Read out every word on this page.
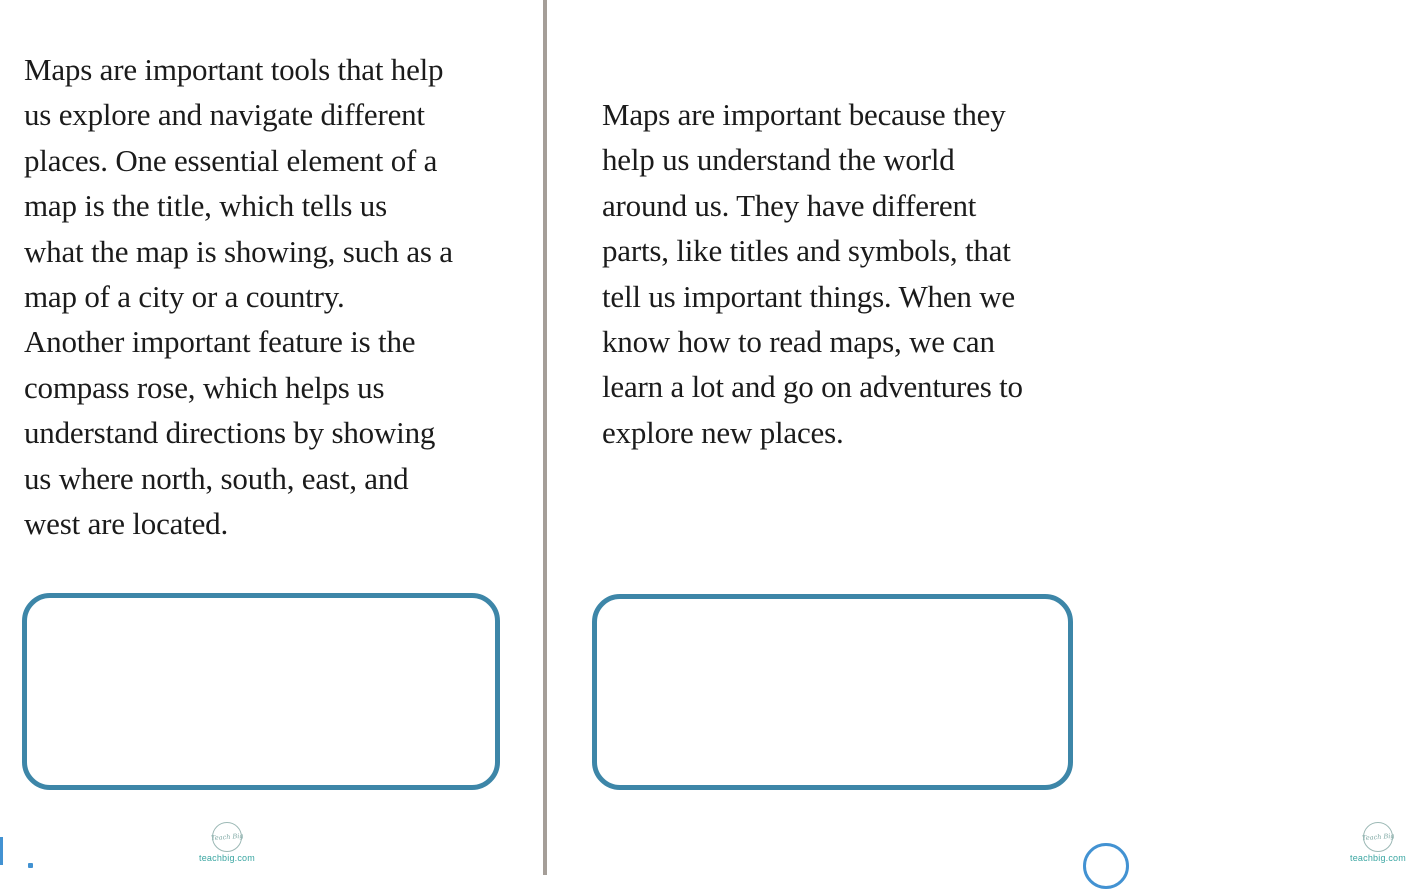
Maps are important tools that help
us explore and navigate different
places. One essential element of a
map is the title, which tells us
what the map is showing, such as a
map of a city or a country.
Another important feature is the
compass rose, which helps us
understand directions by showing
us where north, south, east, and
west are located.
Teach Big
teachbig.com
Maps are important because they
help us understand the world
around us. They have different
parts, like titles and symbols, that
tell us important things. When we
know how to read maps, we can
learn a lot and go on adventures to
explore new places.
Teach Big
teachbig.com
